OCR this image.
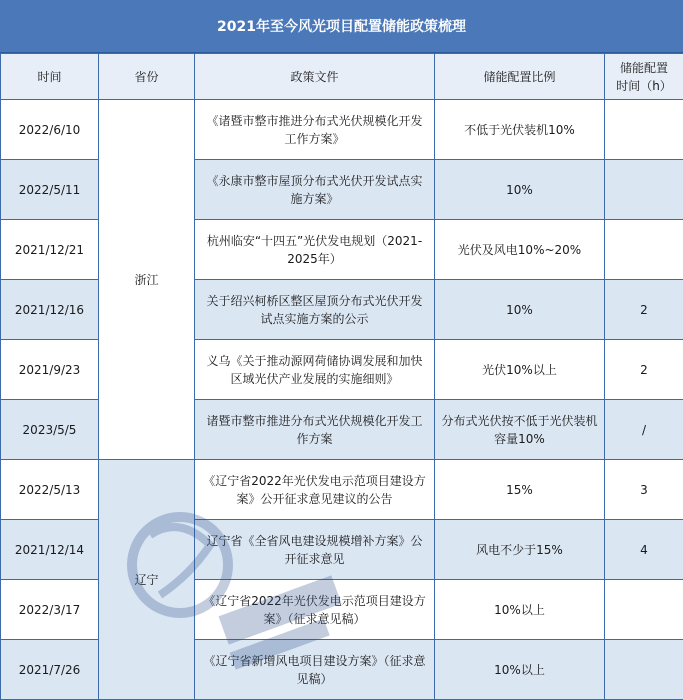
2021年至今风光项目配置储能政策梳理
时间	省份	政策文件	储能配置比例	储能配置
时间（h）

2022/6/10	浙江	《诸暨市整市推进分布式光伏规模化开发工作方案》	不低于光伏装机10%	
2022/5/11		《永康市整市屋顶分布式光伏开发试点实施方案》	10%	
2021/12/21		杭州临安“十四五”光伏发电规划（2021-2025年）	光伏及风电10%~20%	
2021/12/16		关于绍兴柯桥区整区屋顶分布式光伏开发试点实施方案的公示	10%	2
2021/9/23		义乌《关于推动源网荷储协调发展和加快区域光伏产业发展的实施细则》	光伏10%以上	2
2023/5/5		诸暨市整市推进分布式光伏规模化开发工作方案	分布式光伏按不低于光伏装机容量10%	/
2022/5/13	辽宁	《辽宁省2022年光伏发电示范项目建设方案》公开征求意见建议的公告	15%	3
2021/12/14		辽宁省《全省风电建设规模增补方案》公开征求意见	风电不少于15%	4
2022/3/17		《辽宁省2022年光伏发电示范项目建设方案》（征求意见稿）	10%以上	
2021/7/26		《辽宁省新增风电项目建设方案》（征求意见稿）	10%以上	
